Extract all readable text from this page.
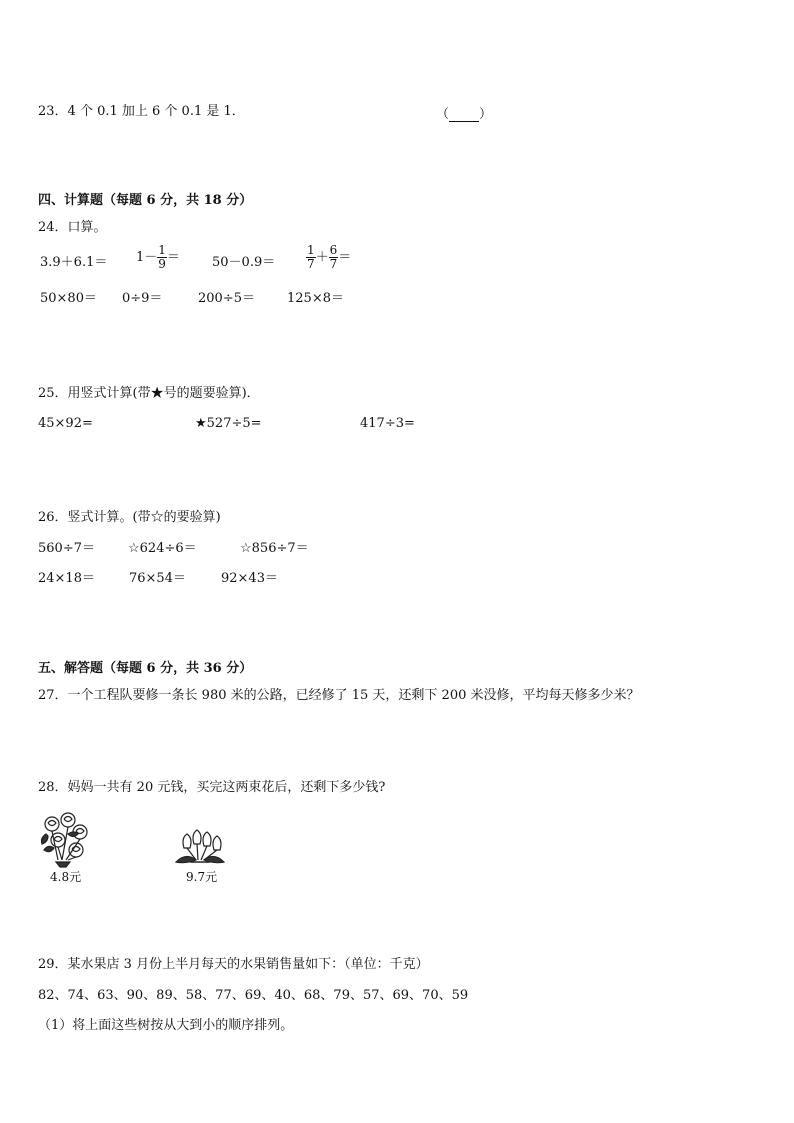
23．4 个 0.1 加上 6 个 0.1 是 1．	（ ）
四、计算题（每题 6 分，共 18 分）
24．口算。
$3.9+6.1= 1- \frac{1}{9} = 50-0.9=$	$\frac{1}{7} + \frac{6}{7}$ ＝
50×80＝ 0÷9＝	200÷5＝ 125×8＝
25．用竖式计算(带★号的题要验算)．
45×92=	★527÷5=	417÷3=
26．竖式计算。(带☆的要验算)
560÷7＝	☆624÷6＝	☆856÷7＝
24×18＝	76×54＝	92×43＝
五、解答题（每题 6 分，共 36 分）
27．一个工程队要修一条长 980 米的公路，已经修了 15 天，还剩下 200 米没修，平均每天修多少米？
28．妈妈一共有 20 元钱，买完这两束花后，还剩下多少钱?
4.8元	9.7元
29．某水果店 3 月份上半月每天的水果销售量如下：（单位：千克）
82、74、63、90、89、58、77、69、40、68、79、57、69、70、59
（1）将上面这些树按从大到小的顺序排列。
